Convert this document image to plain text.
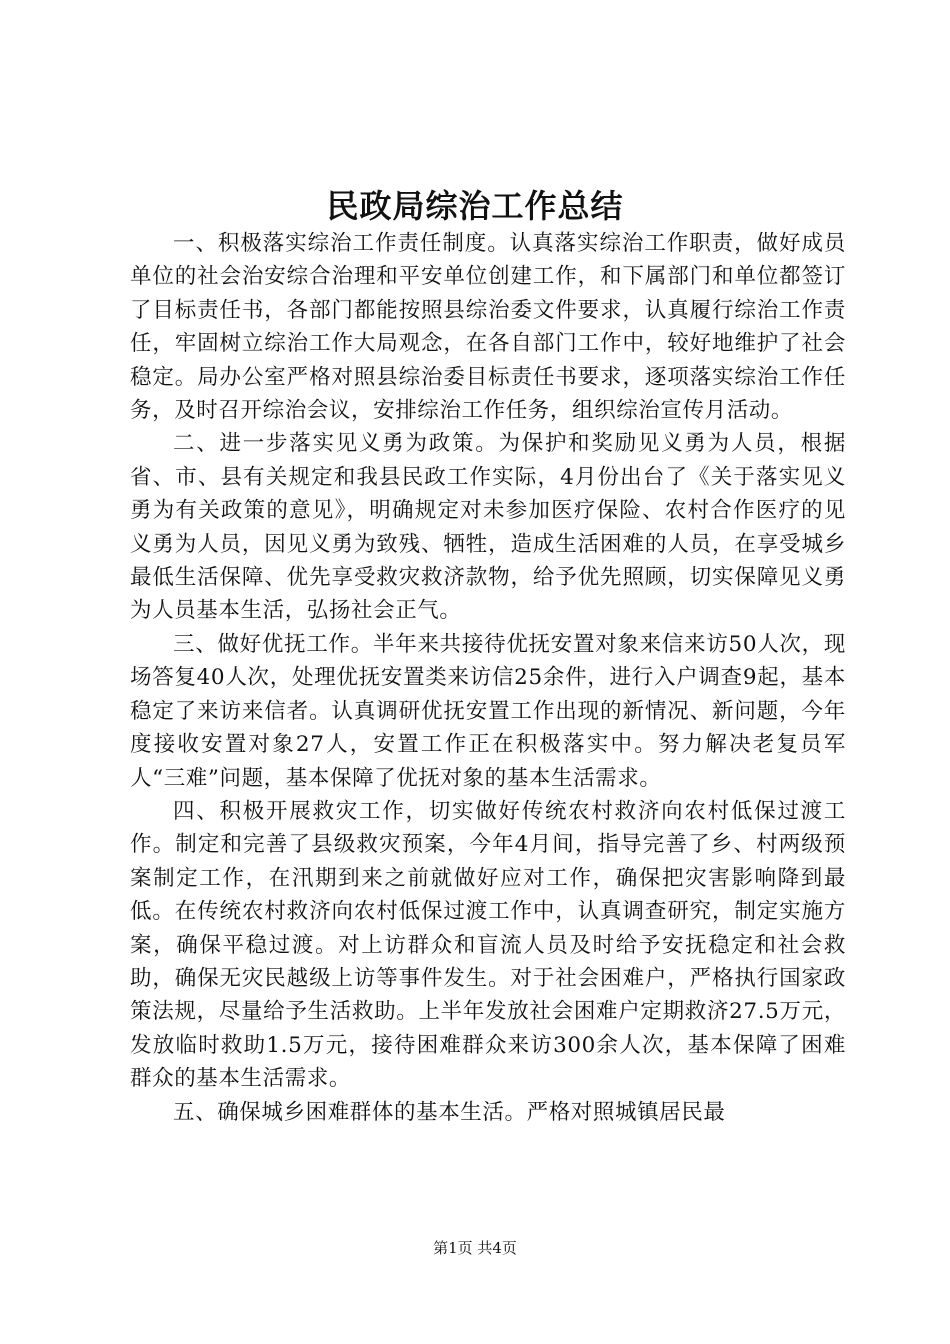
民政局综治工作总结

一、积极落实综治工作责任制度。认真落实综治工作职责，做好成员单位的社会治安综合治理和平安单位创建工作，和下属部门和单位都签订了目标责任书，各部门都能按照县综治委文件要求，认真履行综治工作责任，牢固树立综治工作大局观念，在各自部门工作中，较好地维护了社会稳定。局办公室严格对照县综治委目标责任书要求，逐项落实综治工作任务，及时召开综治会议，安排综治工作任务，组织综治宣传月活动。

二、进一步落实见义勇为政策。为保护和奖励见义勇为人员，根据省、市、县有关规定和我县民政工作实际，4月份出台了《关于落实见义勇为有关政策的意见》，明确规定对未参加医疗保险、农村合作医疗的见义勇为人员，因见义勇为致残、牺牲，造成生活困难的人员，在享受城乡最低生活保障、优先享受救灾救济款物，给予优先照顾，切实保障见义勇为人员基本生活，弘扬社会正气。

三、做好优抚工作。半年来共接待优抚安置对象来信来访50人次，现场答复40人次，处理优抚安置类来访信25余件，进行入户调查9起，基本稳定了来访来信者。认真调研优抚安置工作出现的新情况、新问题，今年度接收安置对象27人，安置工作正在积极落实中。努力解决老复员军人“三难”问题，基本保障了优抚对象的基本生活需求。

四、积极开展救灾工作，切实做好传统农村救济向农村低保过渡工作。制定和完善了县级救灾预案，今年4月间，指导完善了乡、村两级预案制定工作，在汛期到来之前就做好应对工作，确保把灾害影响降到最低。在传统农村救济向农村低保过渡工作中，认真调查研究，制定实施方案，确保平稳过渡。对上访群众和盲流人员及时给予安抚稳定和社会救助，确保无灾民越级上访等事件发生。对于社会困难户，严格执行国家政策法规，尽量给予生活救助。上半年发放社会困难户定期救济27.5万元，发放临时救助1.5万元，接待困难群众来访300余人次，基本保障了困难群众的基本生活需求。

五、确保城乡困难群体的基本生活。严格对照城镇居民最

第1页 共4页
